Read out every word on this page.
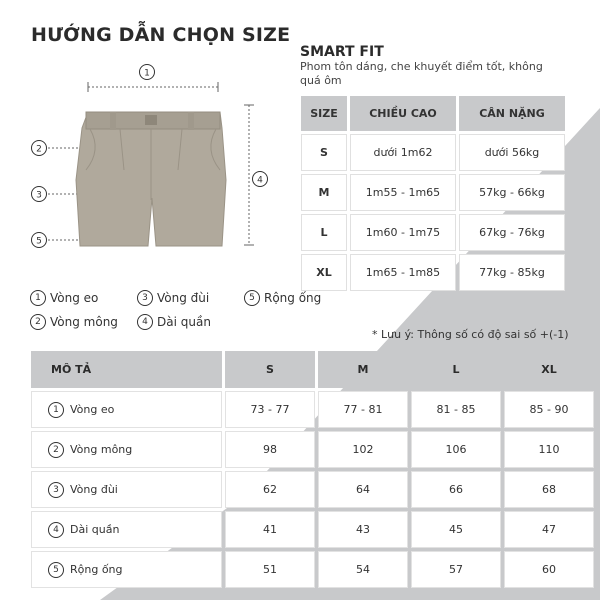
HƯỚNG DẪN CHỌN SIZE
SMART FIT
Phom tôn dáng, che khuyết điểm tốt, không quá ôm
1
2
3
4
5
SIZE	CHIỀU CAO	CÂN NẶNG
S	dưới 1m62	dưới 56kg
M	1m55 - 1m65	57kg - 66kg
L	1m60 - 1m75	67kg - 76kg
XL	1m65 - 1m85	77kg - 85kg
1 Vòng eo
2 Vòng mông
3 Vòng đùi
4 Dài quần
5 Rộng ống
* Lưu ý: Thông số có độ sai số +(-1)
MÔ TẢ	S	M	L	XL

1 Vòng eo	73 - 77	77 - 81	81 - 85	85 - 90

2 Vòng mông	98	102	106	110

3 Vòng đùi	62	64	66	68

4 Dài quần	41	43	45	47

5 Rộng ống	51	54	57	60
